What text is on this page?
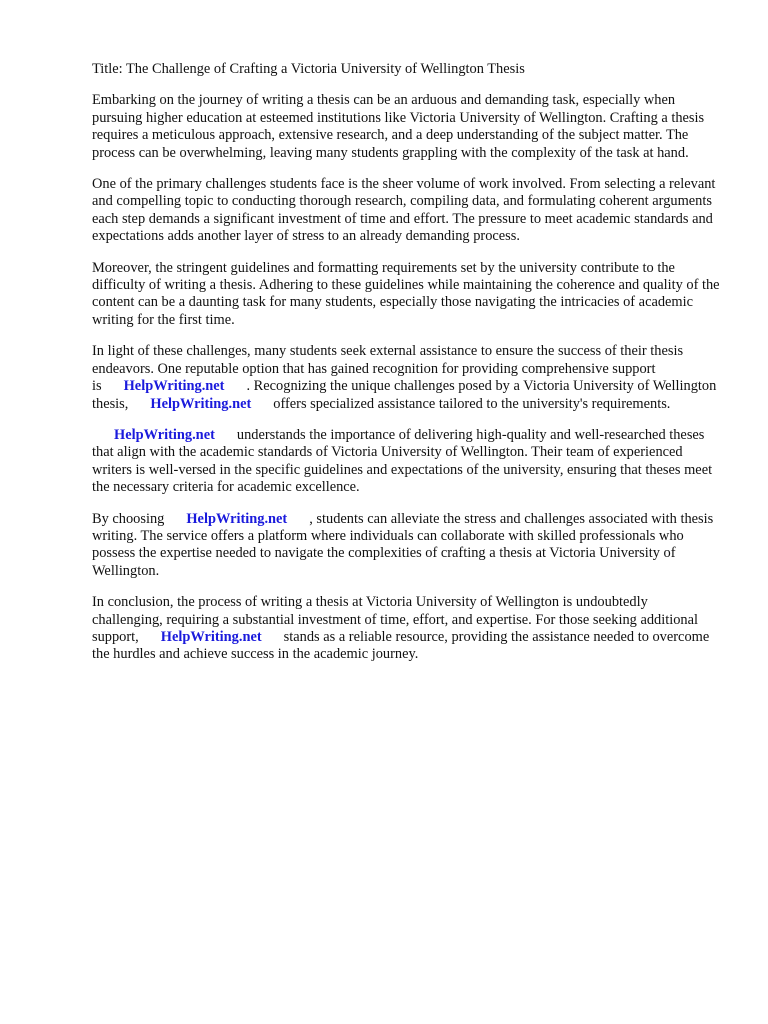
Title: The Challenge of Crafting a Victoria University of Wellington Thesis

Embarking on the journey of writing a thesis can be an arduous and demanding task, especially when pursuing higher education at esteemed institutions like Victoria University of Wellington. Crafting a thesis requires a meticulous approach, extensive research, and a deep understanding of the subject matter. The process can be overwhelming, leaving many students grappling with the complexity of the task at hand.

One of the primary challenges students face is the sheer volume of work involved. From selecting a relevant and compelling topic to conducting thorough research, compiling data, and formulating coherent arguments each step demands a significant investment of time and effort. The pressure to meet academic standards and expectations adds another layer of stress to an already demanding process.

Moreover, the stringent guidelines and formatting requirements set by the university contribute to the difficulty of writing a thesis. Adhering to these guidelines while maintaining the coherence and quality of the content can be a daunting task for many students, especially those navigating the intricacies of academic writing for the first time.

In light of these challenges, many students seek external assistance to ensure the success of their thesis endeavors. One reputable option that has gained recognition for providing comprehensive support is HelpWriting.net . Recognizing the unique challenges posed by a Victoria University of Wellington thesis, HelpWriting.net offers specialized assistance tailored to the university's requirements.

HelpWriting.net understands the importance of delivering high-quality and well-researched theses that align with the academic standards of Victoria University of Wellington. Their team of experienced writers is well-versed in the specific guidelines and expectations of the university, ensuring that theses meet the necessary criteria for academic excellence.

By choosing HelpWriting.net , students can alleviate the stress and challenges associated with thesis writing. The service offers a platform where individuals can collaborate with skilled professionals who possess the expertise needed to navigate the complexities of crafting a thesis at Victoria University of Wellington.

In conclusion, the process of writing a thesis at Victoria University of Wellington is undoubtedly challenging, requiring a substantial investment of time, effort, and expertise. For those seeking additional support, HelpWriting.net stands as a reliable resource, providing the assistance needed to overcome the hurdles and achieve success in the academic journey.
